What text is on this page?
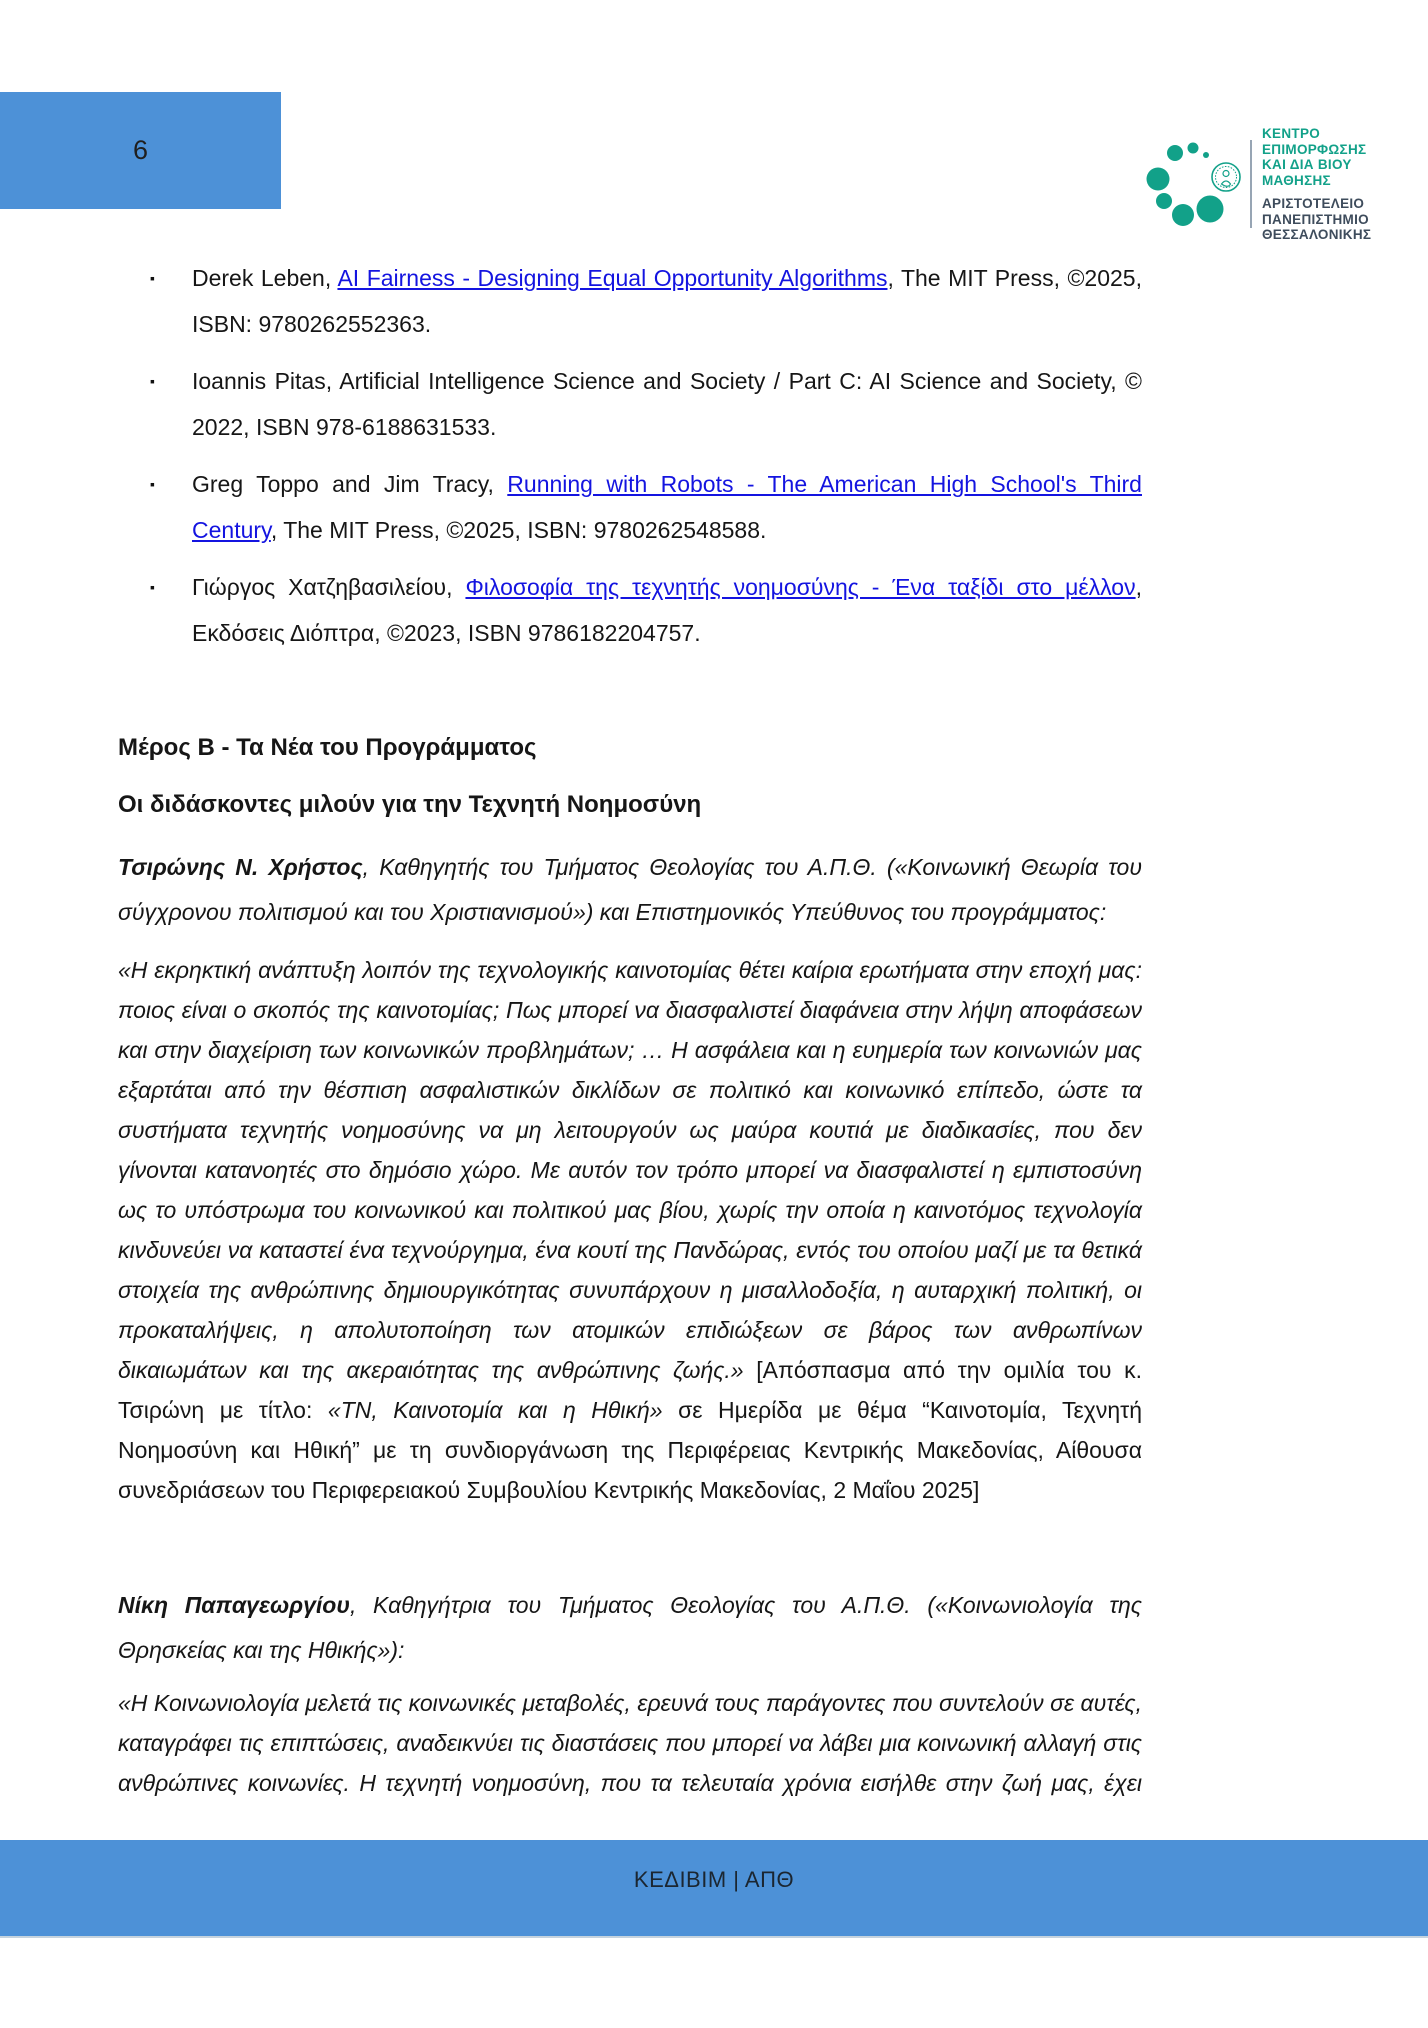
6
ΚΕΝΤΡΟ
ΕΠΙΜΟΡΦΩΣΗΣ
ΚΑΙ ΔΙΑ ΒΙΟΥ
ΜΑΘΗΣΗΣ
ΑΡΙΣΤΟΤΕΛΕΙΟ
ΠΑΝΕΠΙΣΤΗΜΙΟ
ΘΕΣΣΑΛΟΝΙΚΗΣ
▪ Derek Leben, AI Fairness - Designing Equal Opportunity Algorithms, The MIT Press, ©2025, ISBN: 9780262552363.
▪ Ioannis Pitas, Artificial Intelligence Science and Society / Part C: AI Science and Society, © 2022, ISBN 978-6188631533.
▪ Greg Toppo and Jim Tracy, Running with Robots - The American High School's Third Century, The MIT Press, ©2025, ISBN: 9780262548588.
▪ Γιώργος Χατζηβασιλείου, Φιλοσοφία της τεχνητής νοημοσύνης - Ένα ταξίδι στο μέλλον, Εκδόσεις Διόπτρα, ©2023, ISBN 9786182204757.

Μέρος Β - Τα Νέα του Προγράμματος

Οι διδάσκοντες μιλούν για την Τεχνητή Νοημοσύνη

Τσιρώνης Ν. Χρήστος, Καθηγητής του Τμήματος Θεολογίας του Α.Π.Θ. («Κοινωνική Θεωρία του σύγχρονου πολιτισμού και του Χριστιανισμού») και Επιστημονικός Υπεύθυνος του προγράμματος:

«Η εκρηκτική ανάπτυξη λοιπόν της τεχνολογικής καινοτομίας θέτει καίρια ερωτήματα στην εποχή μας: ποιος είναι ο σκοπός της καινοτομίας; Πως μπορεί να διασφαλιστεί διαφάνεια στην λήψη αποφάσεων και στην διαχείριση των κοινωνικών προβλημάτων; … Η ασφάλεια και η ευημερία των κοινωνιών μας εξαρτάται από την θέσπιση ασφαλιστικών δικλίδων σε πολιτικό και κοινωνικό επίπεδο, ώστε τα συστήματα τεχνητής νοημοσύνης να μη λειτουργούν ως μαύρα κουτιά με διαδικασίες, που δεν γίνονται κατανοητές στο δημόσιο χώρο. Με αυτόν τον τρόπο μπορεί να διασφαλιστεί η εμπιστοσύνη ως το υπόστρωμα του κοινωνικού και πολιτικού μας βίου, χωρίς την οποία η καινοτόμος τεχνολογία κινδυνεύει να καταστεί ένα τεχνούργημα, ένα κουτί της Πανδώρας, εντός του οποίου μαζί με τα θετικά στοιχεία της ανθρώπινης δημιουργικότητας συνυπάρχουν η μισαλλοδοξία, η αυταρχική πολιτική, οι προκαταλήψεις, η απολυτοποίηση των ατομικών επιδιώξεων σε βάρος των ανθρωπίνων δικαιωμάτων και της ακεραιότητας της ανθρώπινης ζωής.» [Απόσπασμα από την ομιλία του κ. Τσιρώνη με τίτλο: «ΤΝ, Καινοτομία και η Ηθική» σε Ημερίδα με θέμα “Καινοτομία, Τεχνητή Νοημοσύνη και Ηθική” με τη συνδιοργάνωση της Περιφέρειας Κεντρικής Μακεδονίας, Αίθουσα συνεδριάσεων του Περιφερειακού Συμβουλίου Κεντρικής Μακεδονίας, 2 Μαΐου 2025]

Νίκη Παπαγεωργίου, Καθηγήτρια του Τμήματος Θεολογίας του Α.Π.Θ. («Κοινωνιολογία της Θρησκείας και της Ηθικής»):

«Η Κοινωνιολογία μελετά τις κοινωνικές μεταβολές, ερευνά τους παράγοντες που συντελούν σε αυτές, καταγράφει τις επιπτώσεις, αναδεικνύει τις διαστάσεις που μπορεί να λάβει μια κοινωνική αλλαγή στις ανθρώπινες κοινωνίες. Η τεχνητή νοημοσύνη, που τα τελευταία χρόνια εισήλθε στην ζωή μας, έχει

ΚΕΔΙΒΙΜ | ΑΠΘ
